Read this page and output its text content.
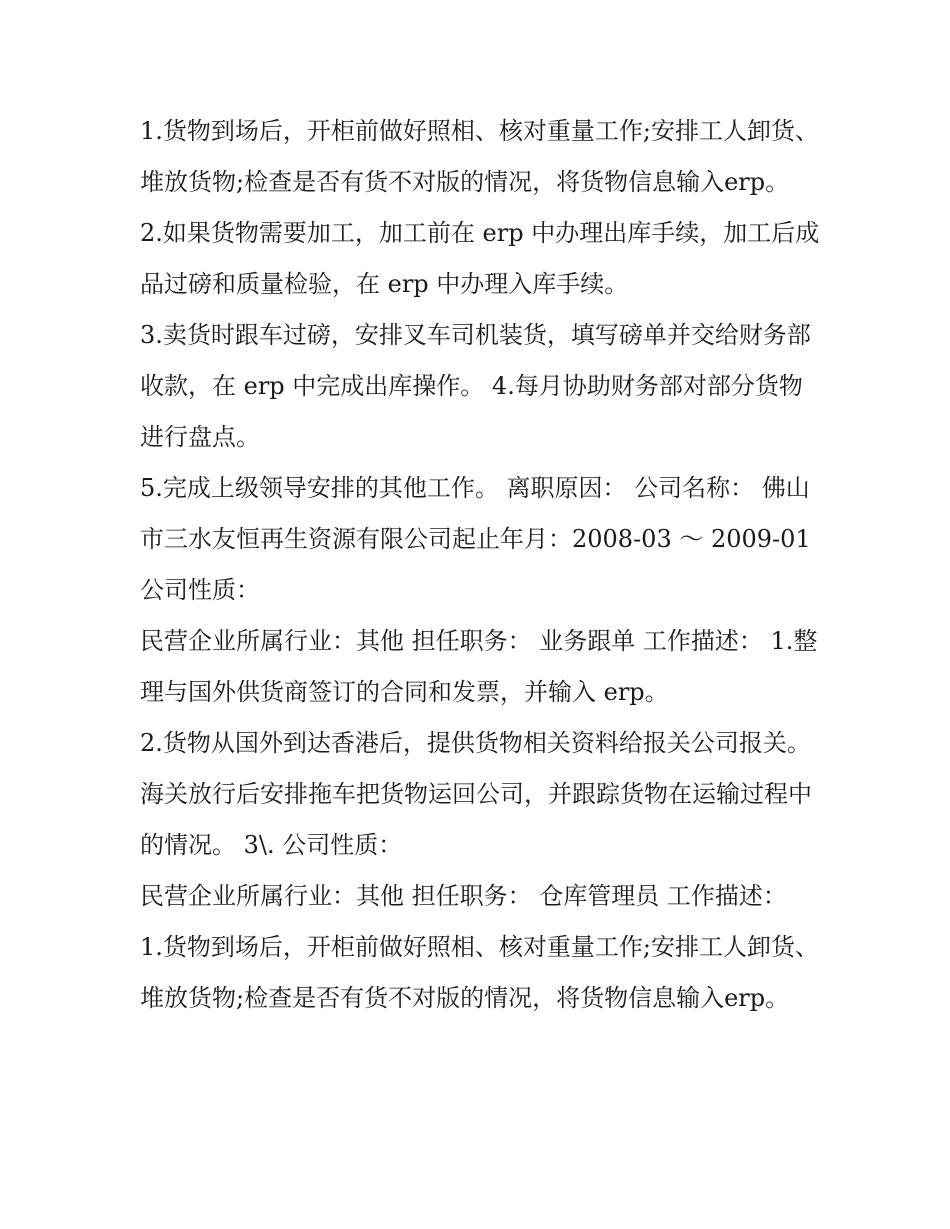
1.货物到场后，开柜前做好照相、核对重量工作;安排工人卸货、堆放货物;检查是否有货不对版的情况，将货物信息输入erp。

2.如果货物需要加工，加工前在 erp 中办理出库手续，加工后成品过磅和质量检验，在 erp 中办理入库手续。

3.卖货时跟车过磅，安排叉车司机装货，填写磅单并交给财务部收款，在 erp 中完成出库操作。 4.每月协助财务部对部分货物进行盘点。

5.完成上级领导安排的其他工作。 离职原因： 公司名称： 佛山市三水友恒再生资源有限公司起止年月：2008-03 ～ 2009-01 公司性质：

民营企业所属行业：其他 担任职务： 业务跟单 工作描述： 1.整理与国外供货商签订的合同和发票，并输入 erp。

2.货物从国外到达香港后，提供货物相关资料给报关公司报关。海关放行后安排拖车把货物运回公司，并跟踪货物在运输过程中的情况。 3\. 公司性质：

民营企业所属行业：其他 担任职务： 仓库管理员 工作描述：

1.货物到场后，开柜前做好照相、核对重量工作;安排工人卸货、堆放货物;检查是否有货不对版的情况，将货物信息输入erp。
